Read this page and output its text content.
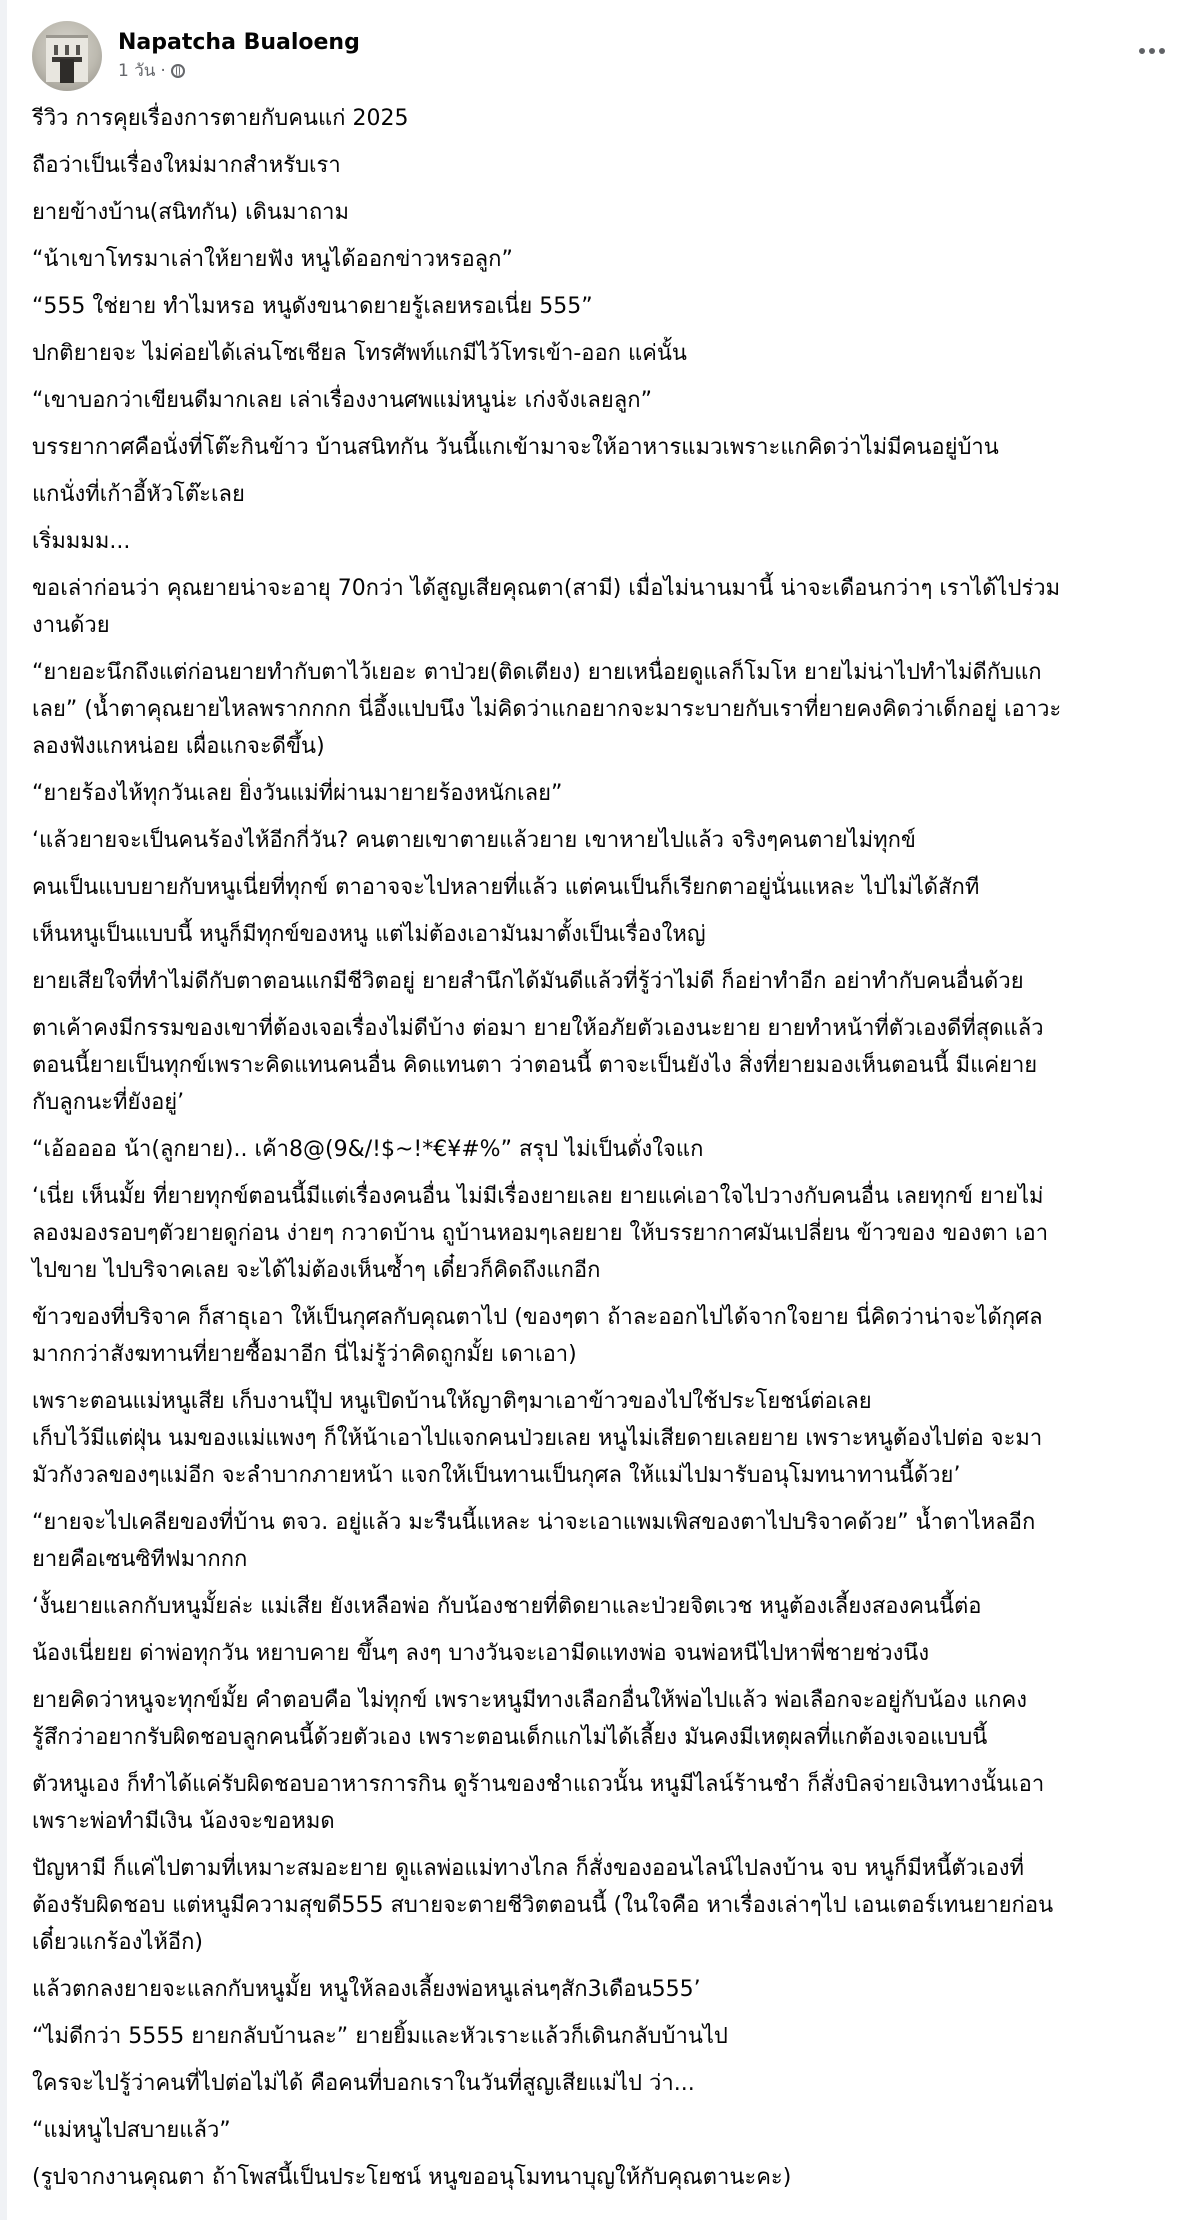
Napatcha Bualoeng
1 วัน ·

รีวิว การคุยเรื่องการตายกับคนแก่ 2025

ถือว่าเป็นเรื่องใหม่มากสำหรับเรา

ยายข้างบ้าน(สนิทกัน) เดินมาถาม

“น้าเขาโทรมาเล่าให้ยายฟัง หนูได้ออกข่าวหรอลูก”

“555 ใช่ยาย ทำไมหรอ หนูดังขนาดยายรู้เลยหรอเนี่ย 555”

ปกติยายจะ ไม่ค่อยได้เล่นโซเชียล โทรศัพท์แกมีไว้โทรเข้า-ออก แค่นั้น

“เขาบอกว่าเขียนดีมากเลย เล่าเรื่องงานศพแม่หนูน่ะ เก่งจังเลยลูก”

บรรยากาศคือนั่งที่โต๊ะกินข้าว บ้านสนิทกัน วันนี้แกเข้ามาจะให้อาหารแมวเพราะแกคิดว่าไม่มีคนอยู่บ้าน

แกนั่งที่เก้าอี้หัวโต๊ะเลย

เริ่มมมม...

ขอเล่าก่อนว่า คุณยายน่าจะอายุ 70กว่า ได้สูญเสียคุณตา(สามี) เมื่อไม่นานมานี้ น่าจะเดือนกว่าๆ เราได้ไปร่วม
งานด้วย

“ยายอะนึกถึงแต่ก่อนยายทำกับตาไว้เยอะ ตาป่วย(ติดเตียง) ยายเหนื่อยดูแลก็โมโห ยายไม่น่าไปทำไม่ดีกับแก
เลย” (น้ำตาคุณยายไหลพรากกกก นี่อึ้งแปบนึง ไม่คิดว่าแกอยากจะมาระบายกับเราที่ยายคงคิดว่าเด็กอยู่ เอาวะ
ลองฟังแกหน่อย เผื่อแกจะดีขึ้น)

“ยายร้องไห้ทุกวันเลย ยิ่งวันแม่ที่ผ่านมายายร้องหนักเลย”

‘แล้วยายจะเป็นคนร้องไห้อีกกี่วัน? คนตายเขาตายแล้วยาย เขาหายไปแล้ว จริงๆคนตายไม่ทุกข์

คนเป็นแบบยายกับหนูเนี่ยที่ทุกข์ ตาอาจจะไปหลายที่แล้ว แต่คนเป็นก็เรียกตาอยู่นั่นแหละ ไปไม่ได้สักที

เห็นหนูเป็นแบบนี้ หนูก็มีทุกข์ของหนู แต่ไม่ต้องเอามันมาตั้งเป็นเรื่องใหญ่

ยายเสียใจที่ทำไม่ดีกับตาตอนแกมีชีวิตอยู่ ยายสำนึกได้มันดีแล้วที่รู้ว่าไม่ดี ก็อย่าทำอีก อย่าทำกับคนอื่นด้วย

ตาเค้าคงมีกรรมของเขาที่ต้องเจอเรื่องไม่ดีบ้าง ต่อมา ยายให้อภัยตัวเองนะยาย ยายทำหน้าที่ตัวเองดีที่สุดแล้ว
ตอนนี้ยายเป็นทุกข์เพราะคิดแทนคนอื่น คิดแทนตา ว่าตอนนี้ ตาจะเป็นยังไง สิ่งที่ยายมองเห็นตอนนี้ มีแค่ยาย
กับลูกนะที่ยังอยู่’

“เอ้ออออ น้า(ลูกยาย).. เค้า8@(9&/!$~!*€¥#%” สรุป ไม่เป็นดั่งใจแก

‘เนี่ย เห็นมั้ย ที่ยายทุกข์ตอนนี้มีแต่เรื่องคนอื่น ไม่มีเรื่องยายเลย ยายแค่เอาใจไปวางกับคนอื่น เลยทุกข์ ยายไม่
ลองมองรอบๆตัวยายดูก่อน ง่ายๆ กวาดบ้าน ถูบ้านหอมๆเลยยาย ให้บรรยากาศมันเปลี่ยน ข้าวของ ของตา เอา
ไปขาย ไปบริจาคเลย จะได้ไม่ต้องเห็นซ้ำๆ เดี๋ยวก็คิดถึงแกอีก

ข้าวของที่บริจาค ก็สาธุเอา ให้เป็นกุศลกับคุณตาไป (ของๆตา ถ้าละออกไปได้จากใจยาย นี่คิดว่าน่าจะได้กุศล
มากกว่าสังฆทานที่ยายซื้อมาอีก นี่ไม่รู้ว่าคิดถูกมั้ย เดาเอา)

เพราะตอนแม่หนูเสีย เก็บงานปุ๊ป หนูเปิดบ้านให้ญาติๆมาเอาข้าวของไปใช้ประโยชน์ต่อเลย
เก็บไว้มีแต่ฝุ่น นมของแม่แพงๆ ก็ให้น้าเอาไปแจกคนป่วยเลย หนูไม่เสียดายเลยยาย เพราะหนูต้องไปต่อ จะมา
มัวกังวลของๆแม่อีก จะลำบากภายหน้า แจกให้เป็นทานเป็นกุศล ให้แม่ไปมารับอนุโมทนาทานนี้ด้วย’

“ยายจะไปเคลียของที่บ้าน ตจว. อยู่แล้ว มะรืนนี้แหละ น่าจะเอาแพมเพิสของตาไปบริจาคด้วย” น้ำตาไหลอีก
ยายคือเซนซิทีฟมากกก

‘งั้นยายแลกกับหนูมั้ยล่ะ แม่เสีย ยังเหลือพ่อ กับน้องชายที่ติดยาและป่วยจิตเวช หนูต้องเลี้ยงสองคนนี้ต่อ

น้องเนี่ยยย ด่าพ่อทุกวัน หยาบคาย ขึ้นๆ ลงๆ บางวันจะเอามีดแทงพ่อ จนพ่อหนีไปหาพี่ชายช่วงนึง

ยายคิดว่าหนูจะทุกข์มั้ย คำตอบคือ ไม่ทุกข์ เพราะหนูมีทางเลือกอื่นให้พ่อไปแล้ว พ่อเลือกจะอยู่กับน้อง แกคง
รู้สึกว่าอยากรับผิดชอบลูกคนนี้ด้วยตัวเอง เพราะตอนเด็กแกไม่ได้เลี้ยง มันคงมีเหตุผลที่แกต้องเจอแบบนี้

ตัวหนูเอง ก็ทำได้แค่รับผิดชอบอาหารการกิน ดูร้านของชำแถวนั้น หนูมีไลน์ร้านชำ ก็สั่งบิลจ่ายเงินทางนั้นเอา
เพราะพ่อทำมีเงิน น้องจะขอหมด

ปัญหามี ก็แค่ไปตามที่เหมาะสมอะยาย ดูแลพ่อแม่ทางไกล ก็สั่งของออนไลน์ไปลงบ้าน จบ หนูก็มีหนี้ตัวเองที่
ต้องรับผิดชอบ แต่หนูมีความสุขดี555 สบายจะตายชีวิตตอนนี้ (ในใจคือ หาเรื่องเล่าๆไป เอนเตอร์เทนยายก่อน
เดี๋ยวแกร้องไห้อีก)

แล้วตกลงยายจะแลกกับหนูมั้ย หนูให้ลองเลี้ยงพ่อหนูเล่นๆสัก3เดือน555’

“ไม่ดีกว่า 5555 ยายกลับบ้านละ” ยายยิ้มและหัวเราะแล้วก็เดินกลับบ้านไป

ใครจะไปรู้ว่าคนที่ไปต่อไม่ได้ คือคนที่บอกเราในวันที่สูญเสียแม่ไป ว่า...

“แม่หนูไปสบายแล้ว”

(รูปจากงานคุณตา ถ้าโพสนี้เป็นประโยชน์ หนูขออนุโมทนาบุญให้กับคุณตานะคะ)
